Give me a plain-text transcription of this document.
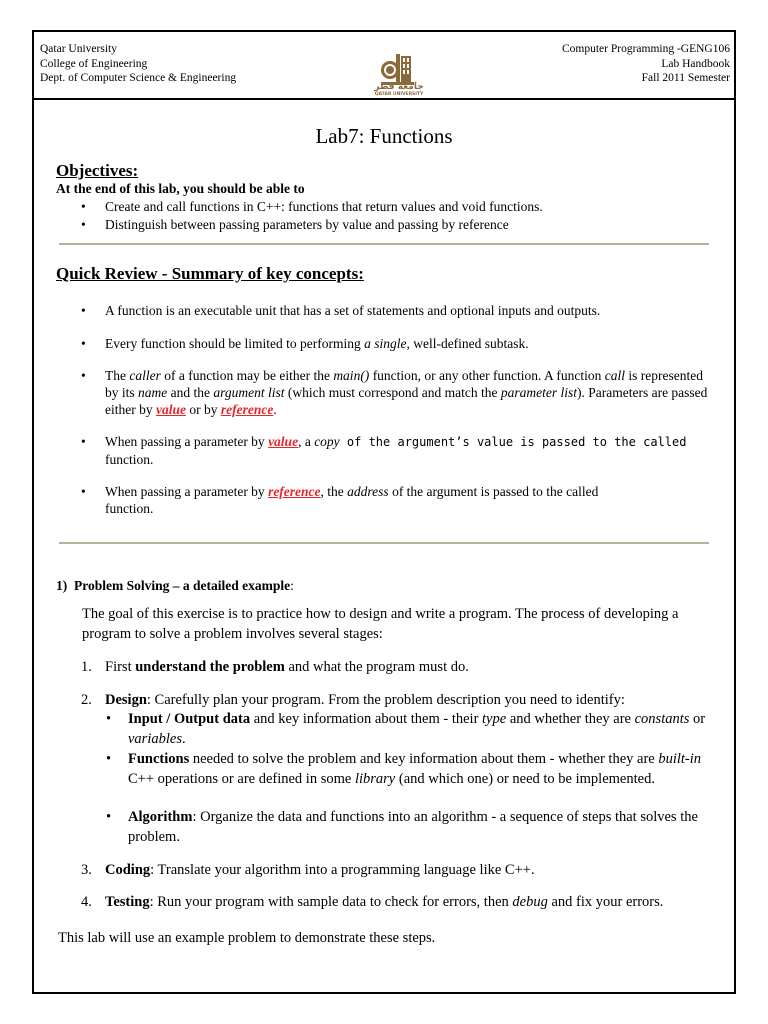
Qatar University
College of Engineering
Dept. of Computer Science & Engineering
جامعة قطر
QATAR UNIVERSITY
Computer Programming -GENG106
Lab Handbook
Fall 2011 Semester
Lab7: Functions
Objectives:
At the end of this lab, you should be able to
• Create and call functions in C++: functions that return values and void functions.
• Distinguish between passing parameters by value and passing by reference
Quick Review - Summary of key concepts:
• A function is an executable unit that has a set of statements and optional inputs and outputs.
• Every function should be limited to performing a single, well-defined subtask.
• The caller of a function may be either the main() function, or any other function. A function call is represented by its name and the argument list (which must correspond and match the parameter list). Parameters are passed either by value or by reference.
• When passing a parameter by value, a copy of the argument’s value is passed to the called
function.
• When passing a parameter by reference, the address of the argument is passed to the called
function.
1) Problem Solving – a detailed example:
The goal of this exercise is to practice how to design and write a program. The process of developing a program to solve a problem involves several stages:
1. First understand the problem and what the program must do.
2. Design: Carefully plan your program. From the problem description you need to identify:
• Input / Output data and key information about them - their type and whether they are constants or variables.
• Functions needed to solve the problem and key information about them - whether they are built-in C++ operations or are defined in some library (and which one) or need to be implemented.
• Algorithm: Organize the data and functions into an algorithm - a sequence of steps that solves the problem.
3. Coding: Translate your algorithm into a programming language like C++.
4. Testing: Run your program with sample data to check for errors, then debug and fix your errors.
This lab will use an example problem to demonstrate these steps.
